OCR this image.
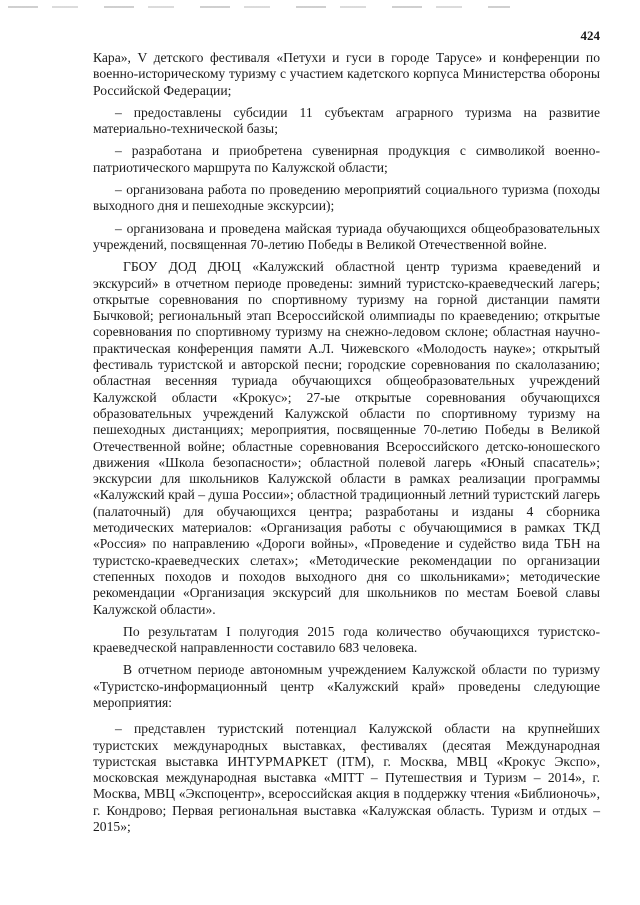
424

Кара», V детского фестиваля «Петухи и гуси в городе Тарусе» и конференции по военно-историческому туризму с участием кадетского корпуса Министерства обороны Российской Федерации;

– предоставлены субсидии 11 субъектам аграрного туризма на развитие материально-технической базы;

– разработана и приобретена сувенирная продукция с символикой военно-патриотического маршрута по Калужской области;

– организована работа по проведению мероприятий социального туризма (походы выходного дня и пешеходные экскурсии);

– организована и проведена майская туриада обучающихся общеобразовательных учреждений, посвященная 70-летию Победы в Великой Отечественной войне.

ГБОУ ДОД ДЮЦ «Калужский областной центр туризма краеведений и экскурсий» в отчетном периоде проведены: зимний туристско-краеведческий лагерь; открытые соревнования по спортивному туризму на горной дистанции памяти Бычковой; региональный этап Всероссийской олимпиады по краеведению; открытые соревнования по спортивному туризму на снежно-ледовом склоне; областная научно-практическая конференция памяти А.Л. Чижевского «Молодость науке»; открытый фестиваль туристской и авторской песни; городские соревнования по скалолазанию; областная весенняя туриада обучающихся общеобразовательных учреждений Калужской области «Крокус»; 27-ые открытые соревнования обучающихся образовательных учреждений Калужской области по спортивному туризму на пешеходных дистанциях; мероприятия, посвященные 70-летию Победы в Великой Отечественной войне; областные соревнования Всероссийского детско-юношеского движения «Школа безопасности»; областной полевой лагерь «Юный спасатель»; экскурсии для школьников Калужской области в рамках реализации программы «Калужский край – душа России»; областной традиционный летний туристский лагерь (палаточный) для обучающихся центра; разработаны и изданы 4 сборника методических материалов: «Организация работы с обучающимися в рамках ТКД «Россия» по направлению «Дороги войны», «Проведение и судейство вида ТБН на туристско-краеведческих слетах»; «Методические рекомендации по организации степенных походов и походов выходного дня со школьниками»; методические рекомендации «Организация экскурсий для школьников по местам Боевой славы Калужской области».

По результатам I полугодия 2015 года количество обучающихся туристско-краеведческой направленности составило 683 человека.

В отчетном периоде автономным учреждением Калужской области по туризму «Туристско-информационный центр «Калужский край» проведены следующие мероприятия:

– представлен туристский потенциал Калужской области на крупнейших туристских международных выставках, фестивалях (десятая Международная туристская выставка ИНТУРМАРКЕТ (ITM), г. Москва, МВЦ «Крокус Экспо», московская международная выставка «МITT – Путешествия и Туризм – 2014», г. Москва, МВЦ «Экспоцентр», всероссийская акция в поддержку чтения «Библионочь», г. Кондрово; Первая региональная выставка «Калужская область. Туризм и отдых – 2015»;
